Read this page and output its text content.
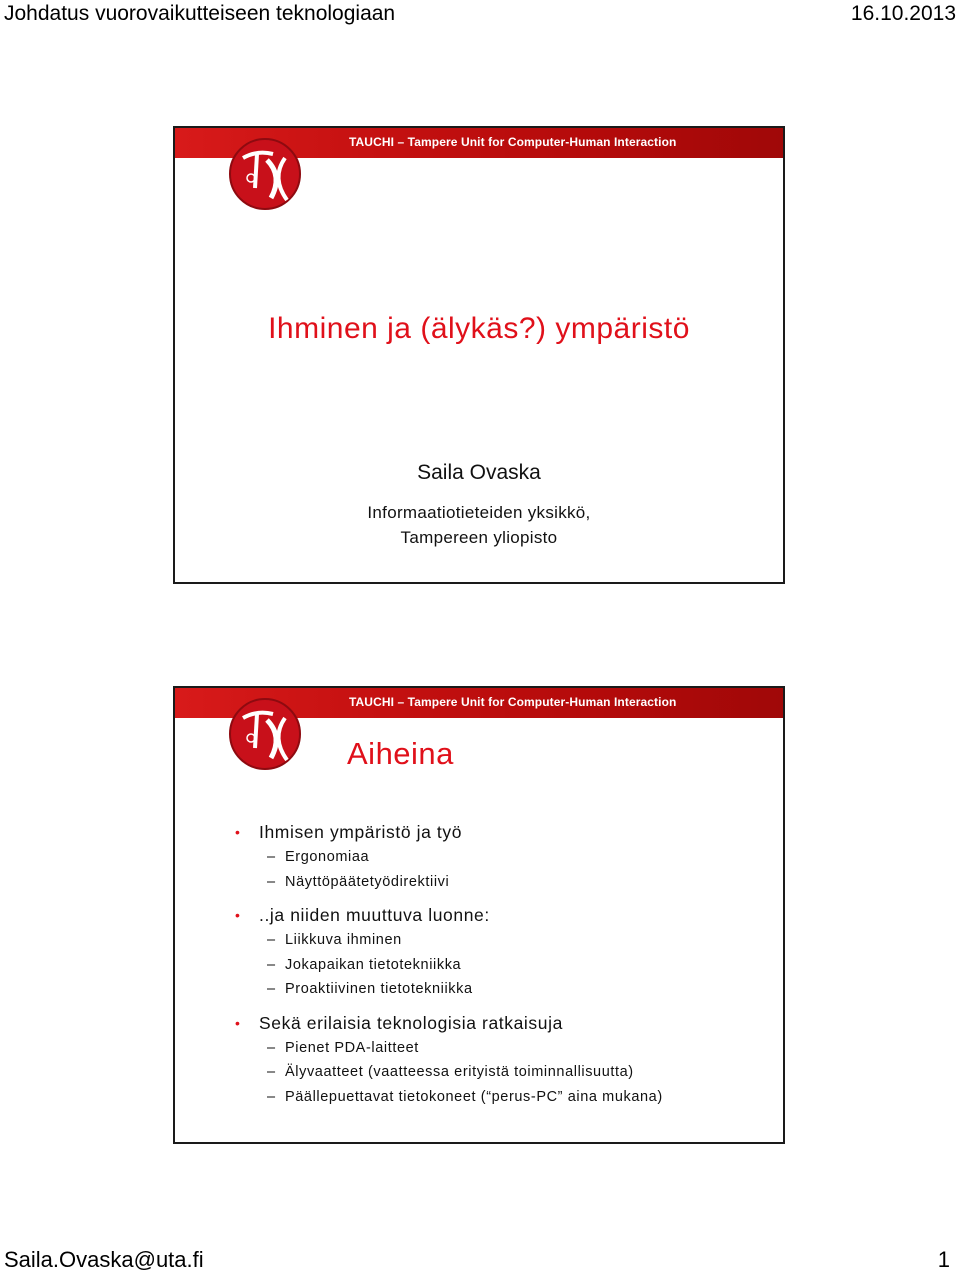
Johdatus vuorovaikutteiseen teknologiaan	16.10.2013
TAUCHI – Tampere Unit for Computer-Human Interaction
Ihminen ja (älykäs?) ympäristö
Saila Ovaska
Informaatiotieteiden yksikkö,
Tampereen yliopisto
TAUCHI – Tampere Unit for Computer-Human Interaction
Aiheina
• Ihmisen ympäristö ja työ
– Ergonomiaa
– Näyttöpäätetyödirektiivi
• ..ja niiden muuttuva luonne:
– Liikkuva ihminen
– Jokapaikan tietotekniikka
– Proaktiivinen tietotekniikka
• Sekä erilaisia teknologisia ratkaisuja
– Pienet PDA-laitteet
– Älyvaatteet (vaatteessa erityistä toiminnallisuutta)
– Päällepuettavat tietokoneet (“perus-PC” aina mukana)
Saila.Ovaska@uta.fi	1
